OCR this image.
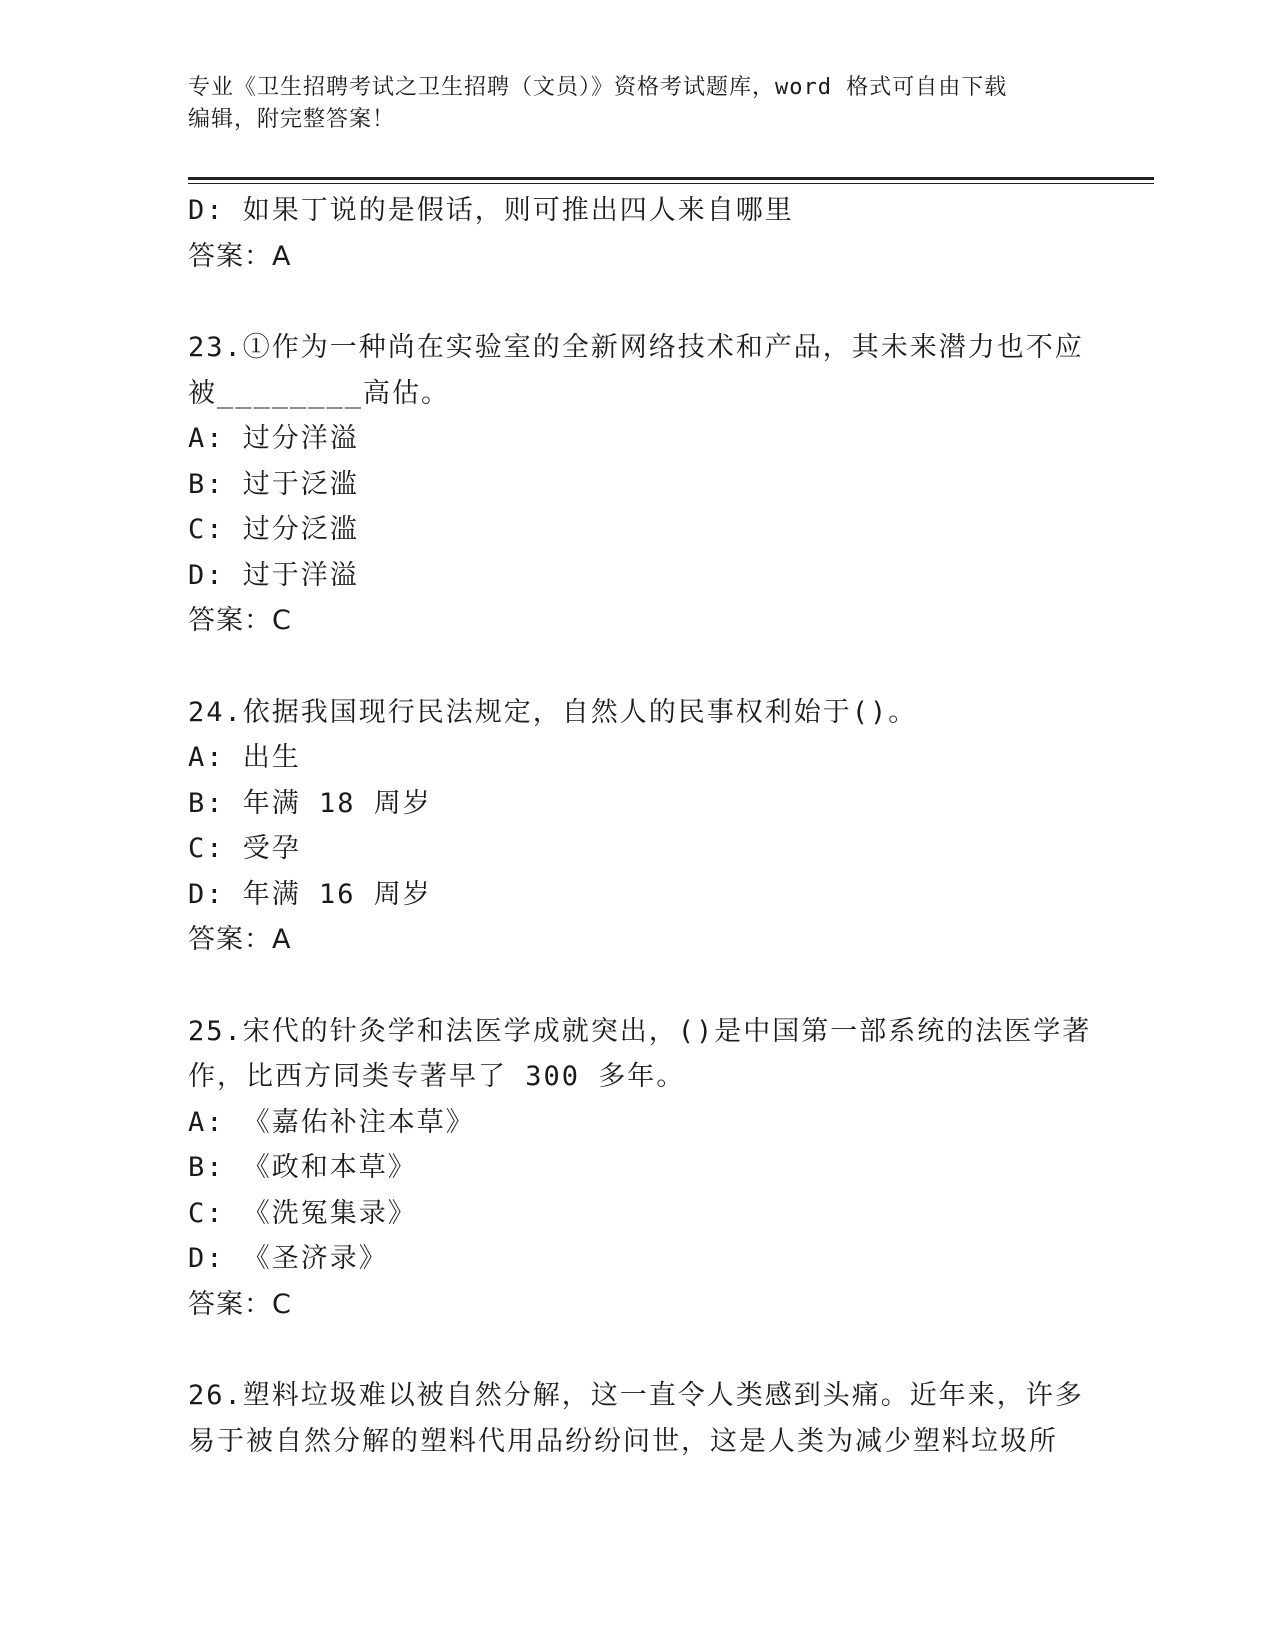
专业《卫生招聘考试之卫生招聘（文员）》资格考试题库，word 格式可自由下载
编辑，附完整答案！
D: 如果丁说的是假话，则可推出四人来自哪里
答案：A
23.①作为一种尚在实验室的全新网络技术和产品，其未来潜力也不应
被________高估。
A: 过分洋溢
B: 过于泛滥
C: 过分泛滥
D: 过于洋溢
答案：C
24.依据我国现行民法规定，自然人的民事权利始于()。
A: 出生
B: 年满 18 周岁
C: 受孕
D: 年满 16 周岁
答案：A
25.宋代的针灸学和法医学成就突出，()是中国第一部系统的法医学著
作，比西方同类专著早了 300 多年。
A: 《嘉佑补注本草》
B: 《政和本草》
C: 《洗冤集录》
D: 《圣济录》
答案：C
26.塑料垃圾难以被自然分解，这一直令人类感到头痛。近年来，许多
易于被自然分解的塑料代用品纷纷问世，这是人类为减少塑料垃圾所
